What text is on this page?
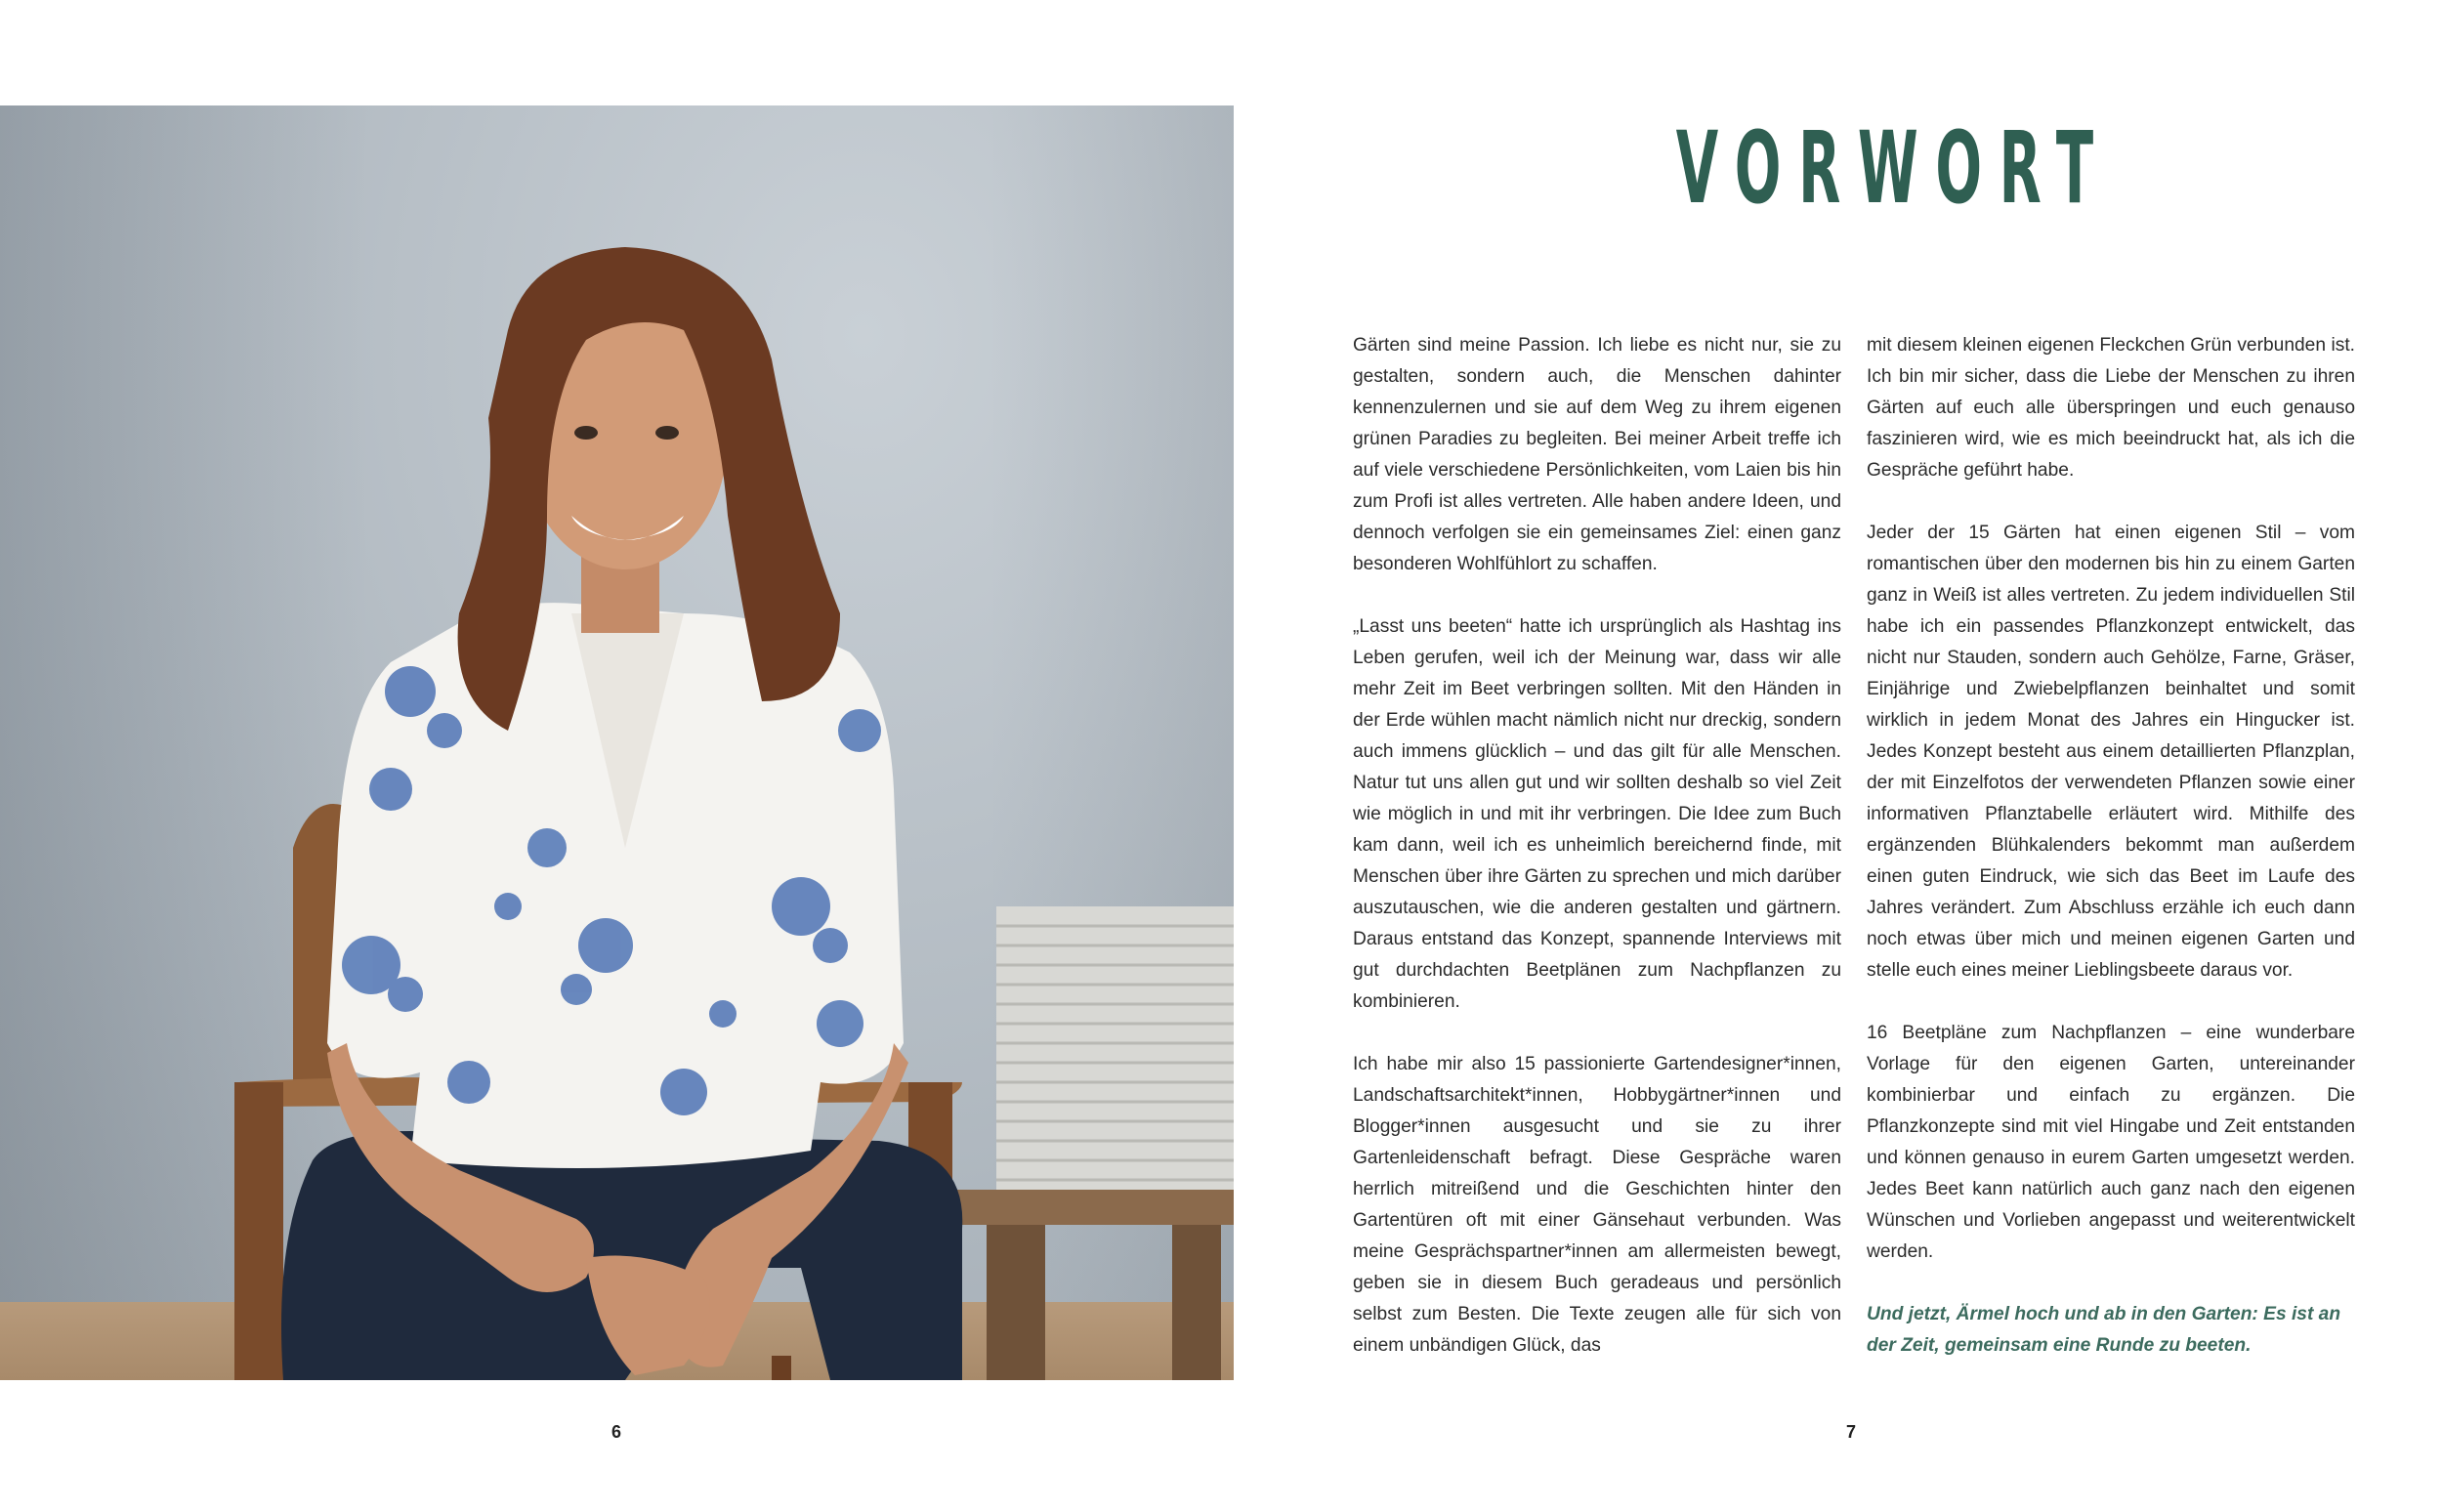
6
VORWORT

Gärten sind meine Passion. Ich liebe es nicht nur, sie zu gestalten, sondern auch, die Menschen dahinter kennenzulernen und sie auf dem Weg zu ihrem eigenen grünen Paradies zu begleiten. Bei meiner Arbeit treffe ich auf viele verschiedene Persönlichkeiten, vom Laien bis hin zum Profi ist alles vertreten. Alle haben andere Ideen, und dennoch verfolgen sie ein gemeinsames Ziel: einen ganz besonderen Wohlfühlort zu schaffen.

„Lasst uns beeten“ hatte ich ursprünglich als Hashtag ins Leben gerufen, weil ich der Meinung war, dass wir alle mehr Zeit im Beet verbringen sollten. Mit den Händen in der Erde wühlen macht nämlich nicht nur dreckig, sondern auch immens glücklich – und das gilt für alle Menschen. Natur tut uns allen gut und wir sollten deshalb so viel Zeit wie möglich in und mit ihr verbringen. Die Idee zum Buch kam dann, weil ich es unheimlich bereichernd finde, mit Menschen über ihre Gärten zu sprechen und mich darüber auszutauschen, wie die anderen gestalten und gärtnern. Daraus entstand das Konzept, spannende Interviews mit gut durchdachten Beetplänen zum Nachpflanzen zu kombinieren.

Ich habe mir also 15 passionierte Gartendesigner*innen, Landschaftsarchitekt*innen, Hobbygärtner*innen und Blogger*innen ausgesucht und sie zu ihrer Gartenleidenschaft befragt. Diese Gespräche waren herrlich mitreißend und die Geschichten hinter den Gartentüren oft mit einer Gänsehaut verbunden. Was meine Gesprächspartner*innen am allermeisten bewegt, geben sie in diesem Buch geradeaus und persönlich selbst zum Besten. Die Texte zeugen alle für sich von einem unbändigen Glück, das

mit diesem kleinen eigenen Fleckchen Grün verbunden ist. Ich bin mir sicher, dass die Liebe der Menschen zu ihren Gärten auf euch alle überspringen und euch genauso faszinieren wird, wie es mich beeindruckt hat, als ich die Gespräche geführt habe.

Jeder der 15 Gärten hat einen eigenen Stil – vom romantischen über den modernen bis hin zu einem Garten ganz in Weiß ist alles vertreten. Zu jedem individuellen Stil habe ich ein passendes Pflanzkonzept entwickelt, das nicht nur Stauden, sondern auch Gehölze, Farne, Gräser, Einjährige und Zwiebelpflanzen beinhaltet und somit wirklich in jedem Monat des Jahres ein Hingucker ist. Jedes Konzept besteht aus einem detaillierten Pflanzplan, der mit Einzelfotos der verwendeten Pflanzen sowie einer informativen Pflanztabelle erläutert wird. Mithilfe des ergänzenden Blühkalenders bekommt man außerdem einen guten Eindruck, wie sich das Beet im Laufe des Jahres verändert. Zum Abschluss erzähle ich euch dann noch etwas über mich und meinen eigenen Garten und stelle euch eines meiner Lieblingsbeete daraus vor.

16 Beetpläne zum Nachpflanzen – eine wunderbare Vorlage für den eigenen Garten, untereinander kombinierbar und einfach zu ergänzen. Die Pflanzkonzepte sind mit viel Hingabe und Zeit entstanden und können genauso in eurem Garten umgesetzt werden. Jedes Beet kann natürlich auch ganz nach den eigenen Wünschen und Vorlieben angepasst und weiterentwickelt werden.

Und jetzt, Ärmel hoch und ab in den Garten: Es ist an der Zeit, gemeinsam eine Runde zu beeten.

7
